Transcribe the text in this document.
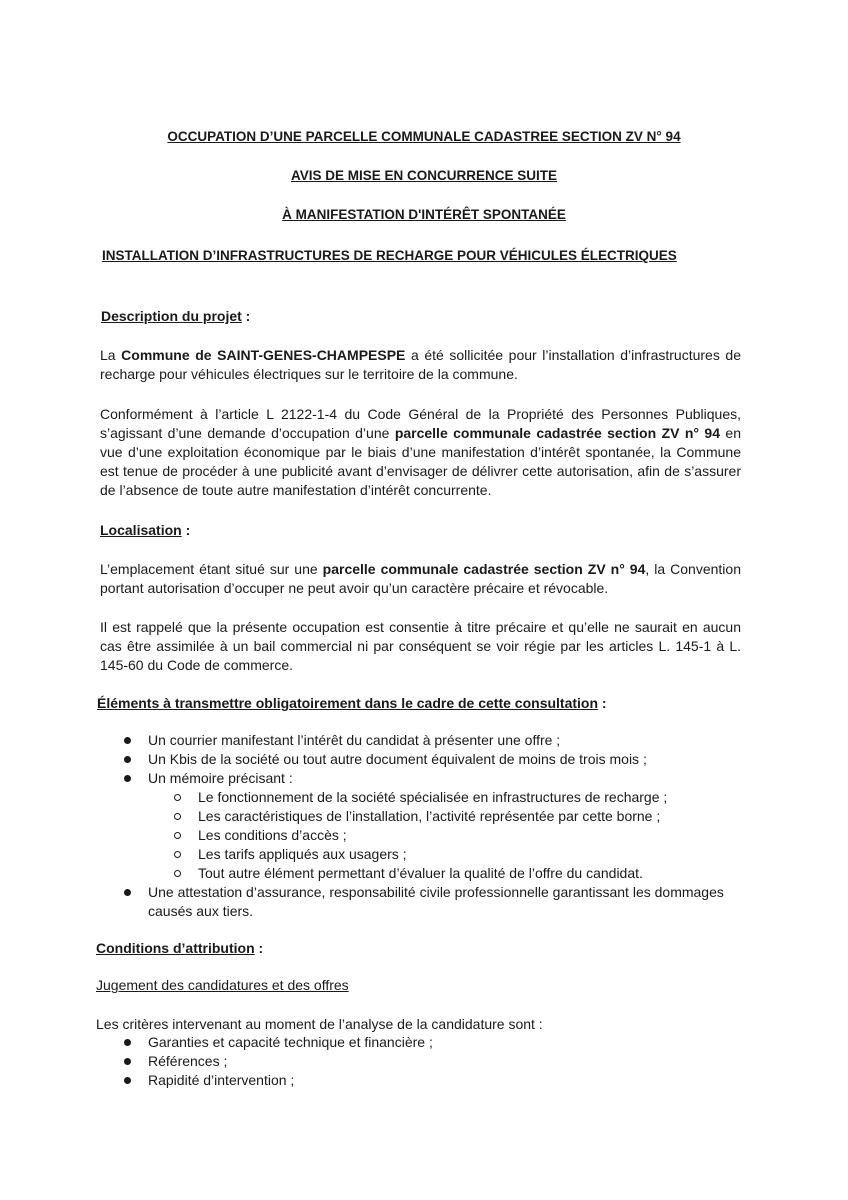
OCCUPATION D’UNE PARCELLE COMMUNALE CADASTREE SECTION ZV N° 94
AVIS DE MISE EN CONCURRENCE SUITE
À MANIFESTATION D'INTÉRÊT SPONTANÉE
INSTALLATION D’INFRASTRUCTURES DE RECHARGE POUR VÉHICULES ÉLECTRIQUES
Description du projet :

La Commune de SAINT-GENES-CHAMPESPE a été sollicitée pour l’installation d’infrastructures de recharge pour véhicules électriques sur le territoire de la commune.

Conformément à l’article L 2122-1-4 du Code Général de la Propriété des Personnes Publiques, s’agissant d’une demande d’occupation d’une parcelle communale cadastrée section ZV n° 94 en vue d’une exploitation économique par le biais d’une manifestation d’intérêt spontanée, la Commune est tenue de procéder à une publicité avant d’envisager de délivrer cette autorisation, afin de s’assurer de l’absence de toute autre manifestation d’intérêt concurrente.

Localisation :

L’emplacement étant situé sur une parcelle communale cadastrée section ZV n° 94, la Convention portant autorisation d’occuper ne peut avoir qu’un caractère précaire et révocable.

Il est rappelé que la présente occupation est consentie à titre précaire et qu’elle ne saurait en aucun cas être assimilée à un bail commercial ni par conséquent se voir régie par les articles L. 145-1 à L. 145-60 du Code de commerce.

Éléments à transmettre obligatoirement dans le cadre de cette consultation :
Un courrier manifestant l’intérêt du candidat à présenter une offre ;
Un Kbis de la société ou tout autre document équivalent de moins de trois mois ;
Un mémoire précisant :
Le fonctionnement de la société spécialisée en infrastructures de recharge ;
Les caractéristiques de l’installation, l’activité représentée par cette borne ;
Les conditions d’accès ;
Les tarifs appliqués aux usagers ;
Tout autre élément permettant d’évaluer la qualité de l’offre du candidat.
Une attestation d’assurance, responsabilité civile professionnelle garantissant les dommages causés aux tiers.
Conditions d’attribution :
Jugement des candidatures et des offres
Les critères intervenant au moment de l’analyse de la candidature sont :
Garanties et capacité technique et financière ;
Références ;
Rapidité d’intervention ;
